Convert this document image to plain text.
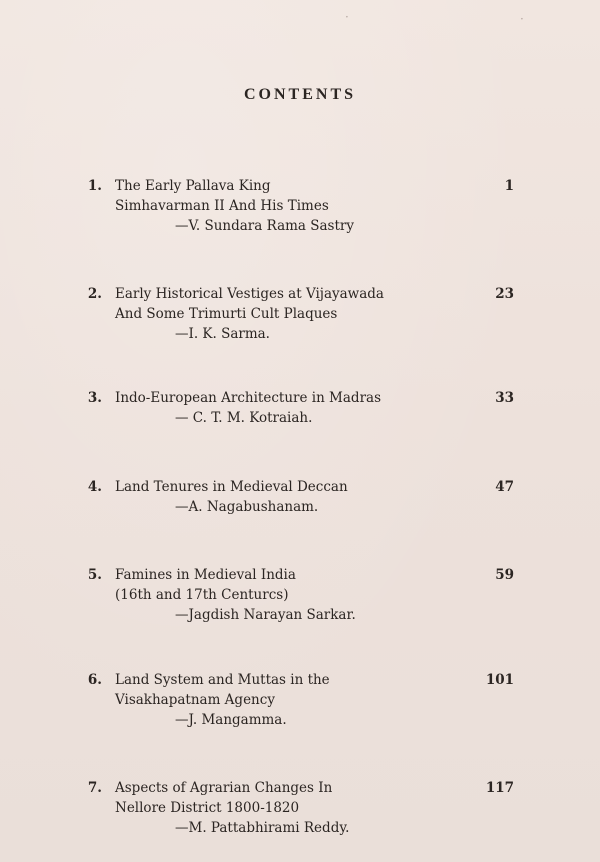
·	·
CONTENTS
1. The Early Pallava King
Simhavarman II And His Times
—V. Sundara Rama Sastry
1
2. Early Historical Vestiges at Vijayawada
And Some Trimurti Cult Plaques
—I. K. Sarma.
23
3. Indo-European Architecture in Madras
— C. T. M. Kotraiah.
33
4. Land Tenures in Medieval Deccan
—A. Nagabushanam.
47
5. Famines in Medieval India
(16th and 17th Centurcs)
—Jagdish Narayan Sarkar.
59
6. Land System and Muttas in the
Visakhapatnam Agency
—J. Mangamma.
101
7. Aspects of Agrarian Changes In
Nellore District 1800-1820
—M. Pattabhirami Reddy.
117
